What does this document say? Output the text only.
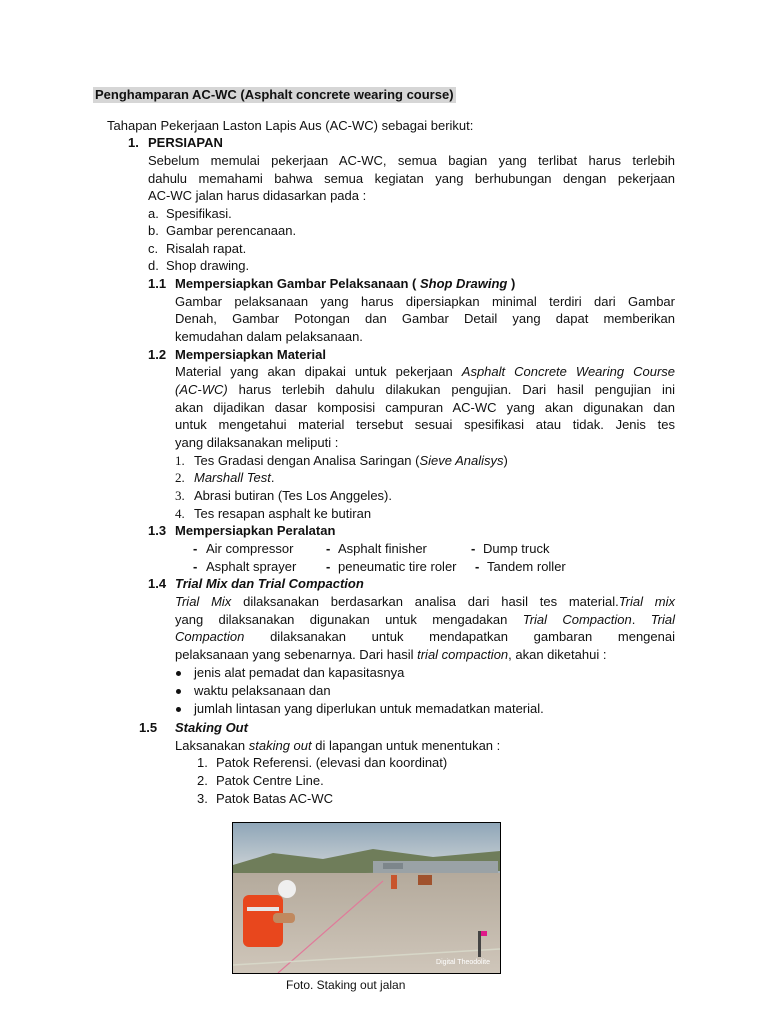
Penghamparan AC-WC (Asphalt concrete wearing course)
Tahapan Pekerjaan Laston Lapis Aus (AC-WC) sebagai berikut:
1. PERSIAPAN
Sebelum memulai pekerjaan AC-WC, semua bagian yang terlibat harus terlebih
dahulu memahami bahwa semua kegiatan yang berhubungan dengan pekerjaan
AC-WC jalan harus didasarkan pada :
a. Spesifikasi.
b. Gambar perencanaan.
c. Risalah rapat.
d. Shop drawing.
1.1 Mempersiapkan Gambar Pelaksanaan ( Shop Drawing )
Gambar pelaksanaan yang harus dipersiapkan minimal terdiri dari Gambar
Denah, Gambar Potongan dan Gambar Detail yang dapat memberikan
kemudahan dalam pelaksanaan.
1.2 Mempersiapkan Material
Material yang akan dipakai untuk pekerjaan Asphalt Concrete Wearing Course
(AC-WC) harus terlebih dahulu dilakukan pengujian. Dari hasil pengujian ini
akan dijadikan dasar komposisi campuran AC-WC yang akan digunakan dan
untuk mengetahui material tersebut sesuai spesifikasi atau tidak. Jenis tes
yang dilaksanakan meliputi :
1. Tes Gradasi dengan Analisa Saringan (Sieve Analisys)
2. Marshall Test.
3. Abrasi butiran (Tes Los Anggeles).
4. Tes resapan asphalt ke butiran
1.3 Mempersiapkan Peralatan
- Air compressor	- Asphalt finisher	- Dump truck
- Asphalt sprayer - peneumatic tire roler - Tandem roller
1.4 Trial Mix dan Trial Compaction
Trial Mix dilaksanakan berdasarkan analisa dari hasil tes material.Trial mix
yang dilaksanakan digunakan untuk mengadakan Trial Compaction. Trial
Compaction dilaksanakan untuk mendapatkan gambaran mengenai
pelaksanaan yang sebenarnya. Dari hasil trial compaction, akan diketahui :
jenis alat pemadat dan kapasitasnya
waktu pelaksanaan dan
jumlah lintasan yang diperlukan untuk memadatkan material.
1.5 Staking Out
Laksanakan staking out di lapangan untuk menentukan :
1. Patok Referensi. (elevasi dan koordinat)
2. Patok Centre Line.
3. Patok Batas AC-WC
Digital Theodolite
Foto. Staking out jalan
